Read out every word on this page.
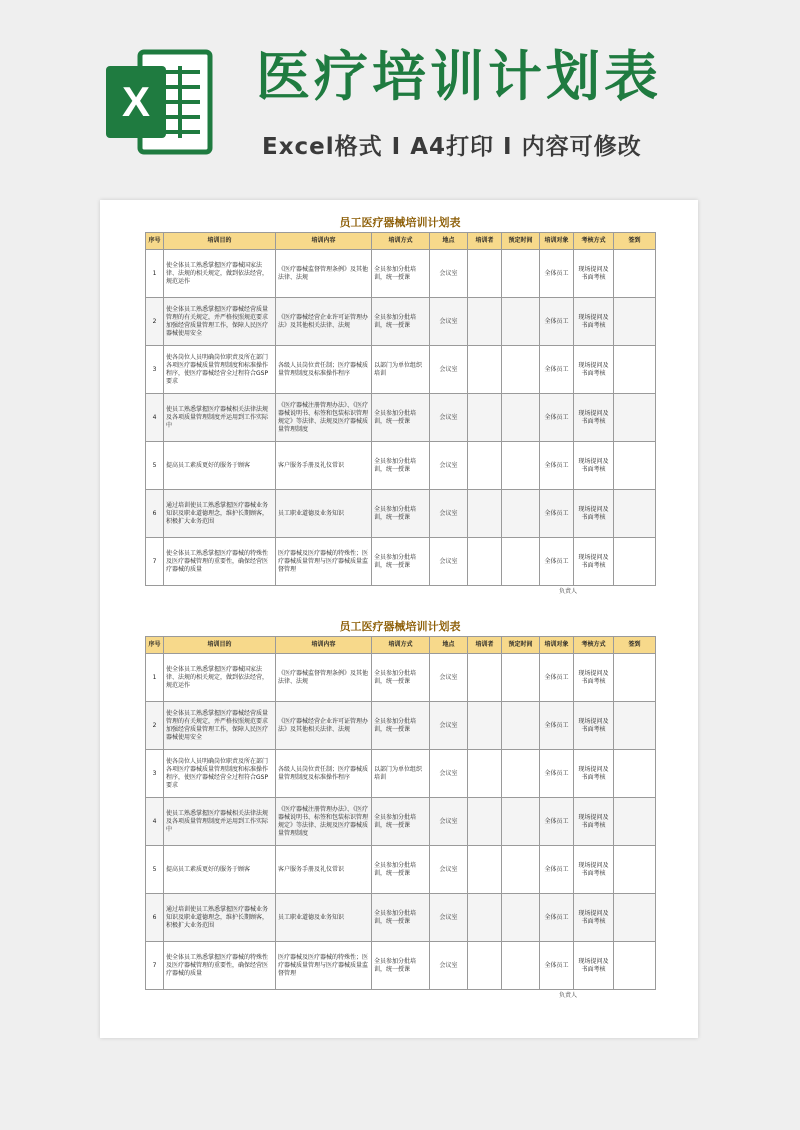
X 医疗培训计划表
Excel格式 I A4打印 I 内容可修改
员工医疗器械培训计划表
序号	培训目的	培训内容	培训方式	地点	培训者	预定时间	培训对象	考核方式	签到
1	使全体员工熟悉掌握医疗器械国家法律、法规的相关规定，做到依法经营，规范运作	《医疗器械监督管理条例》及其他法律、法规	全员参加分批培训，统一授课	会议室			全体员工	现场提问及书面考核	
2	使全体员工熟悉掌握医疗器械经营质量管理的有关规定，并严格按照规范要求加强经营质量管理工作，保障人民医疗器械使用安全	《医疗器械经营企业许可证管理办法》及其他相关法律、法规	全员参加分批培训，统一授课	会议室			全体员工	现场提问及书面考核	
3	使各岗位人员明确岗位职责及所在部门各项医疗器械质量管理制度和标准操作程序，使医疗器械经营全过程符合GSP要求	各级人员岗位责任制；医疗器械质量管理制度及标准操作程序	以部门为单位组织培训	会议室			全体员工	现场提问及书面考核	
4	使员工熟悉掌握医疗器械相关法律法规及各项质量管理制度并运用到工作实际中	《医疗器械注册管理办法》、《医疗器械说明书、标签和包装标识管理规定》等法律、法规及医疗器械质量管理制度	全员参加分批培训，统一授课	会议室			全体员工	现场提问及书面考核	
5	提高员工素质更好的服务于顾客	客户服务手册及礼仪常识	全员参加分批培训，统一授课	会议室			全体员工	现场提问及书面考核	
6	通过培训使员工熟悉掌握医疗器械业务知识及职业道德理念，维护长期顾客，积极扩大业务范围	员工职业道德及业务知识	全员参加分批培训，统一授课	会议室			全体员工	现场提问及书面考核	
7	使全体员工熟悉掌握医疗器械的特殊性及医疗器械管理的重要性，确保经营医疗器械的质量	医疗器械及医疗器械的特殊性；医疗器械质量管理与医疗器械质量监督管理	全员参加分批培训，统一授课	会议室			全体员工	现场提问及书面考核	
负责人
员工医疗器械培训计划表
序号	培训目的	培训内容	培训方式	地点	培训者	预定时间	培训对象	考核方式	签到
1	使全体员工熟悉掌握医疗器械国家法律、法规的相关规定，做到依法经营，规范运作	《医疗器械监督管理条例》及其他法律、法规	全员参加分批培训，统一授课	会议室			全体员工	现场提问及书面考核	
2	使全体员工熟悉掌握医疗器械经营质量管理的有关规定，并严格按照规范要求加强经营质量管理工作，保障人民医疗器械使用安全	《医疗器械经营企业许可证管理办法》及其他相关法律、法规	全员参加分批培训，统一授课	会议室			全体员工	现场提问及书面考核	
3	使各岗位人员明确岗位职责及所在部门各项医疗器械质量管理制度和标准操作程序，使医疗器械经营全过程符合GSP要求	各级人员岗位责任制；医疗器械质量管理制度及标准操作程序	以部门为单位组织培训	会议室			全体员工	现场提问及书面考核	
4	使员工熟悉掌握医疗器械相关法律法规及各项质量管理制度并运用到工作实际中	《医疗器械注册管理办法》、《医疗器械说明书、标签和包装标识管理规定》等法律、法规及医疗器械质量管理制度	全员参加分批培训，统一授课	会议室			全体员工	现场提问及书面考核	
5	提高员工素质更好的服务于顾客	客户服务手册及礼仪常识	全员参加分批培训，统一授课	会议室			全体员工	现场提问及书面考核	
6	通过培训使员工熟悉掌握医疗器械业务知识及职业道德理念，维护长期顾客，积极扩大业务范围	员工职业道德及业务知识	全员参加分批培训，统一授课	会议室			全体员工	现场提问及书面考核	
7	使全体员工熟悉掌握医疗器械的特殊性及医疗器械管理的重要性，确保经营医疗器械的质量	医疗器械及医疗器械的特殊性；医疗器械质量管理与医疗器械质量监督管理	全员参加分批培训，统一授课	会议室			全体员工	现场提问及书面考核	
负责人
